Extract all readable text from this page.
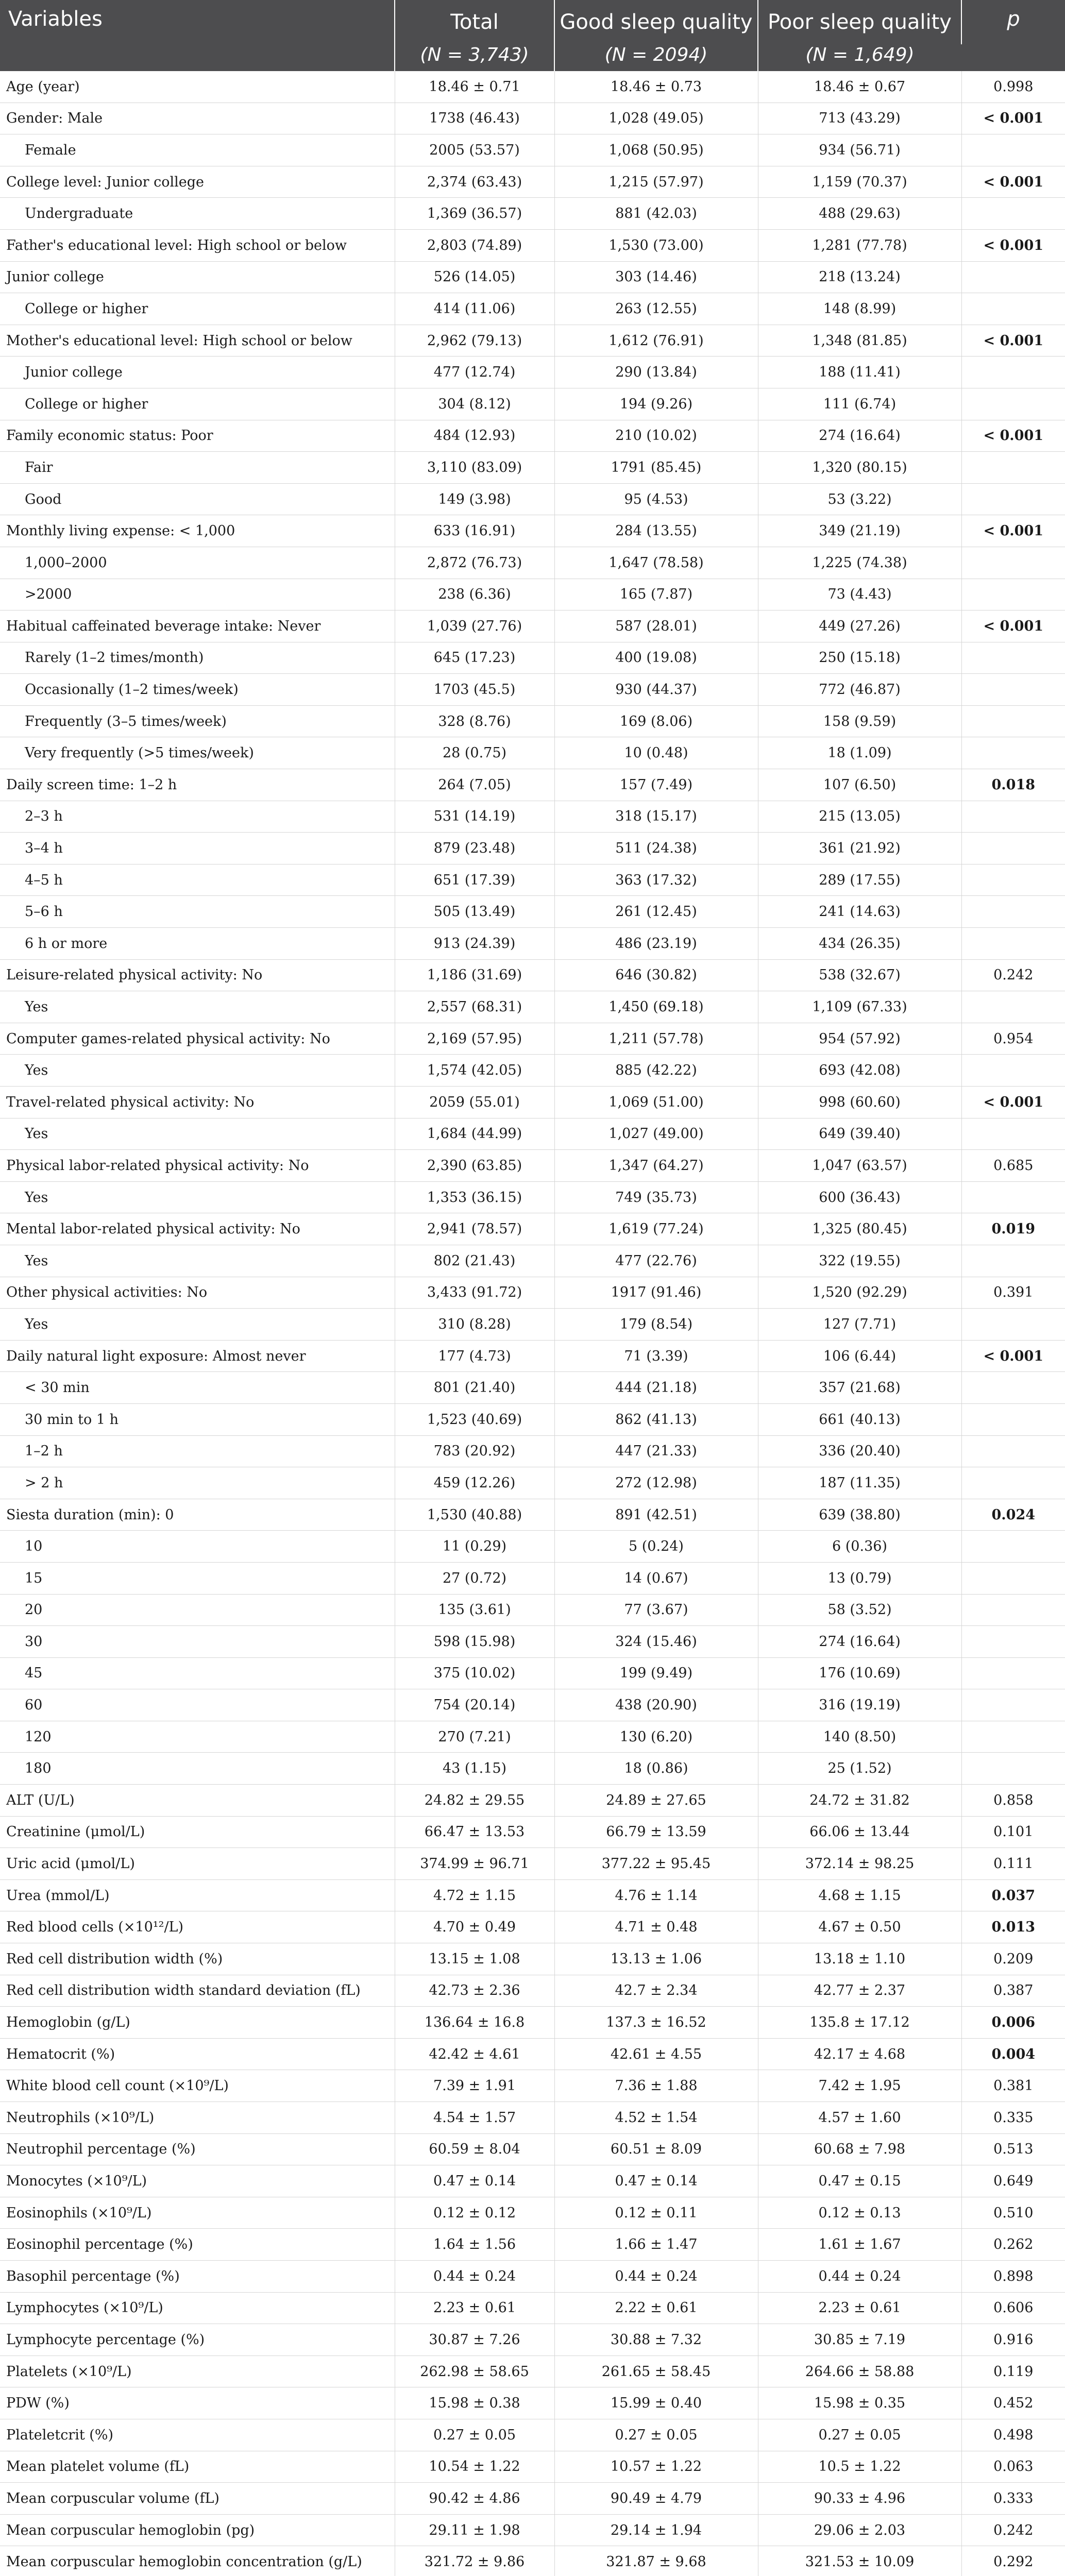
Variables	Total	Good sleep quality	Poor sleep quality	p
	(N = 3,743)	(N = 2094)	(N = 1,649)	
Age (year)	18.46 ± 0.71	18.46 ± 0.73	18.46 ± 0.67	0.998
Gender: Male	1738 (46.43)	1,028 (49.05)	713 (43.29)	< 0.001
Female	2005 (53.57)	1,068 (50.95)	934 (56.71)	
College level: Junior college	2,374 (63.43)	1,215 (57.97)	1,159 (70.37)	< 0.001
Undergraduate	1,369 (36.57)	881 (42.03)	488 (29.63)	
Father's educational level: High school or below	2,803 (74.89)	1,530 (73.00)	1,281 (77.78)	< 0.001
Junior college	526 (14.05)	303 (14.46)	218 (13.24)	
College or higher	414 (11.06)	263 (12.55)	148 (8.99)	
Mother's educational level: High school or below	2,962 (79.13)	1,612 (76.91)	1,348 (81.85)	< 0.001
Junior college	477 (12.74)	290 (13.84)	188 (11.41)	
College or higher	304 (8.12)	194 (9.26)	111 (6.74)	
Family economic status: Poor	484 (12.93)	210 (10.02)	274 (16.64)	< 0.001
Fair	3,110 (83.09)	1791 (85.45)	1,320 (80.15)	
Good	149 (3.98)	95 (4.53)	53 (3.22)	
Monthly living expense: < 1,000	633 (16.91)	284 (13.55)	349 (21.19)	< 0.001
1,000–2000	2,872 (76.73)	1,647 (78.58)	1,225 (74.38)	
>2000	238 (6.36)	165 (7.87)	73 (4.43)	
Habitual caffeinated beverage intake: Never	1,039 (27.76)	587 (28.01)	449 (27.26)	< 0.001
Rarely (1–2 times/month)	645 (17.23)	400 (19.08)	250 (15.18)	
Occasionally (1–2 times/week)	1703 (45.5)	930 (44.37)	772 (46.87)	
Frequently (3–5 times/week)	328 (8.76)	169 (8.06)	158 (9.59)	
Very frequently (>5 times/week)	28 (0.75)	10 (0.48)	18 (1.09)	
Daily screen time: 1–2 h	264 (7.05)	157 (7.49)	107 (6.50)	0.018
2–3 h	531 (14.19)	318 (15.17)	215 (13.05)	
3–4 h	879 (23.48)	511 (24.38)	361 (21.92)	
4–5 h	651 (17.39)	363 (17.32)	289 (17.55)	
5–6 h	505 (13.49)	261 (12.45)	241 (14.63)	
6 h or more	913 (24.39)	486 (23.19)	434 (26.35)	
Leisure-related physical activity: No	1,186 (31.69)	646 (30.82)	538 (32.67)	0.242
Yes	2,557 (68.31)	1,450 (69.18)	1,109 (67.33)	
Computer games-related physical activity: No	2,169 (57.95)	1,211 (57.78)	954 (57.92)	0.954
Yes	1,574 (42.05)	885 (42.22)	693 (42.08)	
Travel-related physical activity: No	2059 (55.01)	1,069 (51.00)	998 (60.60)	< 0.001
Yes	1,684 (44.99)	1,027 (49.00)	649 (39.40)	
Physical labor-related physical activity: No	2,390 (63.85)	1,347 (64.27)	1,047 (63.57)	0.685
Yes	1,353 (36.15)	749 (35.73)	600 (36.43)	
Mental labor-related physical activity: No	2,941 (78.57)	1,619 (77.24)	1,325 (80.45)	0.019
Yes	802 (21.43)	477 (22.76)	322 (19.55)	
Other physical activities: No	3,433 (91.72)	1917 (91.46)	1,520 (92.29)	0.391
Yes	310 (8.28)	179 (8.54)	127 (7.71)	
Daily natural light exposure: Almost never	177 (4.73)	71 (3.39)	106 (6.44)	< 0.001
< 30 min	801 (21.40)	444 (21.18)	357 (21.68)	
30 min to 1 h	1,523 (40.69)	862 (41.13)	661 (40.13)	
1–2 h	783 (20.92)	447 (21.33)	336 (20.40)	
> 2 h	459 (12.26)	272 (12.98)	187 (11.35)	
Siesta duration (min): 0	1,530 (40.88)	891 (42.51)	639 (38.80)	0.024
10	11 (0.29)	5 (0.24)	6 (0.36)	
15	27 (0.72)	14 (0.67)	13 (0.79)	
20	135 (3.61)	77 (3.67)	58 (3.52)	
30	598 (15.98)	324 (15.46)	274 (16.64)	
45	375 (10.02)	199 (9.49)	176 (10.69)	
60	754 (20.14)	438 (20.90)	316 (19.19)	
120	270 (7.21)	130 (6.20)	140 (8.50)	
180	43 (1.15)	18 (0.86)	25 (1.52)	
ALT (U/L)	24.82 ± 29.55	24.89 ± 27.65	24.72 ± 31.82	0.858
Creatinine (μmol/L)	66.47 ± 13.53	66.79 ± 13.59	66.06 ± 13.44	0.101
Uric acid (μmol/L)	374.99 ± 96.71	377.22 ± 95.45	372.14 ± 98.25	0.111
Urea (mmol/L)	4.72 ± 1.15	4.76 ± 1.14	4.68 ± 1.15	0.037
Red blood cells (×10¹²/L)	4.70 ± 0.49	4.71 ± 0.48	4.67 ± 0.50	0.013
Red cell distribution width (%)	13.15 ± 1.08	13.13 ± 1.06	13.18 ± 1.10	0.209
Red cell distribution width standard deviation (fL)	42.73 ± 2.36	42.7 ± 2.34	42.77 ± 2.37	0.387
Hemoglobin (g/L)	136.64 ± 16.8	137.3 ± 16.52	135.8 ± 17.12	0.006
Hematocrit (%)	42.42 ± 4.61	42.61 ± 4.55	42.17 ± 4.68	0.004
White blood cell count (×10⁹/L)	7.39 ± 1.91	7.36 ± 1.88	7.42 ± 1.95	0.381
Neutrophils (×10⁹/L)	4.54 ± 1.57	4.52 ± 1.54	4.57 ± 1.60	0.335
Neutrophil percentage (%)	60.59 ± 8.04	60.51 ± 8.09	60.68 ± 7.98	0.513
Monocytes (×10⁹/L)	0.47 ± 0.14	0.47 ± 0.14	0.47 ± 0.15	0.649
Eosinophils (×10⁹/L)	0.12 ± 0.12	0.12 ± 0.11	0.12 ± 0.13	0.510
Eosinophil percentage (%)	1.64 ± 1.56	1.66 ± 1.47	1.61 ± 1.67	0.262
Basophil percentage (%)	0.44 ± 0.24	0.44 ± 0.24	0.44 ± 0.24	0.898
Lymphocytes (×10⁹/L)	2.23 ± 0.61	2.22 ± 0.61	2.23 ± 0.61	0.606
Lymphocyte percentage (%)	30.87 ± 7.26	30.88 ± 7.32	30.85 ± 7.19	0.916
Platelets (×10⁹/L)	262.98 ± 58.65	261.65 ± 58.45	264.66 ± 58.88	0.119
PDW (%)	15.98 ± 0.38	15.99 ± 0.40	15.98 ± 0.35	0.452
Plateletcrit (%)	0.27 ± 0.05	0.27 ± 0.05	0.27 ± 0.05	0.498
Mean platelet volume (fL)	10.54 ± 1.22	10.57 ± 1.22	10.5 ± 1.22	0.063
Mean corpuscular volume (fL)	90.42 ± 4.86	90.49 ± 4.79	90.33 ± 4.96	0.333
Mean corpuscular hemoglobin (pg)	29.11 ± 1.98	29.14 ± 1.94	29.06 ± 2.03	0.242
Mean corpuscular hemoglobin concentration (g/L)	321.72 ± 9.86	321.87 ± 9.68	321.53 ± 10.09	0.292
